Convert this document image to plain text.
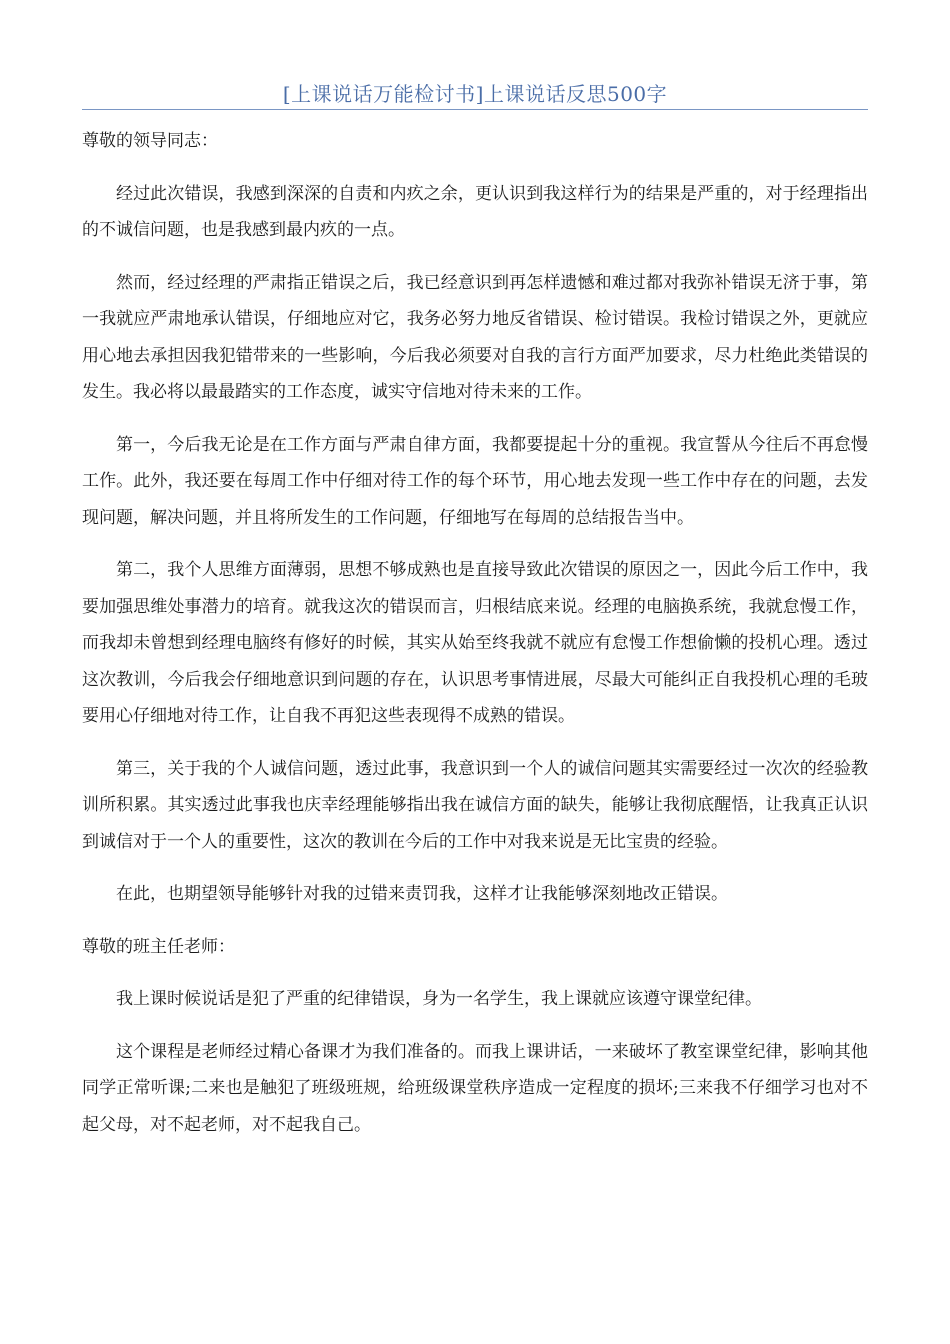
[上课说话万能检讨书]上课说话反思500字

尊敬的领导同志：

经过此次错误，我感到深深的自责和内疚之余，更认识到我这样行为的结果是严重的，对于经理指出的不诚信问题，也是我感到最内疚的一点。

然而，经过经理的严肃指正错误之后，我已经意识到再怎样遗憾和难过都对我弥补错误无济于事，第一我就应严肃地承认错误，仔细地应对它，我务必努力地反省错误、检讨错误。我检讨错误之外，更就应用心地去承担因我犯错带来的一些影响，今后我必须要对自我的言行方面严加要求，尽力杜绝此类错误的发生。我必将以最最踏实的工作态度，诚实守信地对待未来的工作。

第一，今后我无论是在工作方面与严肃自律方面，我都要提起十分的重视。我宣誓从今往后不再怠慢工作。此外，我还要在每周工作中仔细对待工作的每个环节，用心地去发现一些工作中存在的问题，去发现问题，解决问题，并且将所发生的工作问题，仔细地写在每周的总结报告当中。

第二，我个人思维方面薄弱，思想不够成熟也是直接导致此次错误的原因之一，因此今后工作中，我要加强思维处事潜力的培育。就我这次的错误而言，归根结底来说。经理的电脑换系统，我就怠慢工作，而我却未曾想到经理电脑终有修好的时候，其实从始至终我就不就应有怠慢工作想偷懒的投机心理。透过这次教训，今后我会仔细地意识到问题的存在，认识思考事情进展，尽最大可能纠正自我投机心理的毛玻要用心仔细地对待工作，让自我不再犯这些表现得不成熟的错误。

第三，关于我的个人诚信问题，透过此事，我意识到一个人的诚信问题其实需要经过一次次的经验教训所积累。其实透过此事我也庆幸经理能够指出我在诚信方面的缺失，能够让我彻底醒悟，让我真正认识到诚信对于一个人的重要性，这次的教训在今后的工作中对我来说是无比宝贵的经验。

在此，也期望领导能够针对我的过错来责罚我，这样才让我能够深刻地改正错误。

尊敬的班主任老师：

我上课时候说话是犯了严重的纪律错误，身为一名学生，我上课就应该遵守课堂纪律。

这个课程是老师经过精心备课才为我们准备的。而我上课讲话，一来破坏了教室课堂纪律，影响其他同学正常听课;二来也是触犯了班级班规，给班级课堂秩序造成一定程度的损坏;三来我不仔细学习也对不起父母，对不起老师，对不起我自己。
